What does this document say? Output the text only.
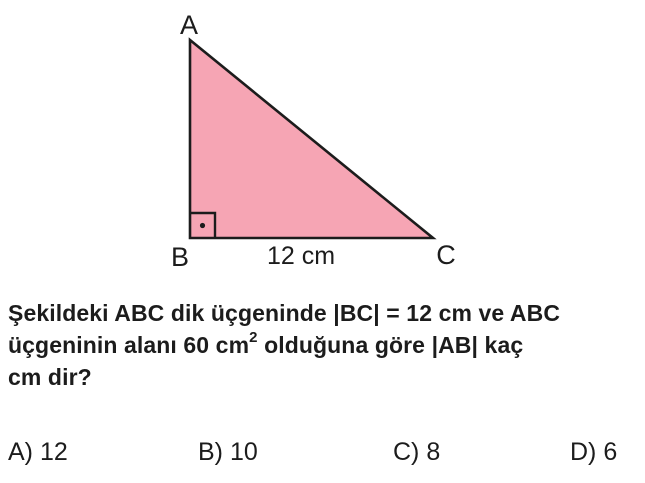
A
B	C
12 cm
Şekildeki ABC dik üçgeninde |BC| = 12 cm ve ABC
üçgeninin alanı 60 $cm^2$ olduğuna göre |AB| kaç
cm dir?
A) 12	B) 10	C) 8	D) 6
